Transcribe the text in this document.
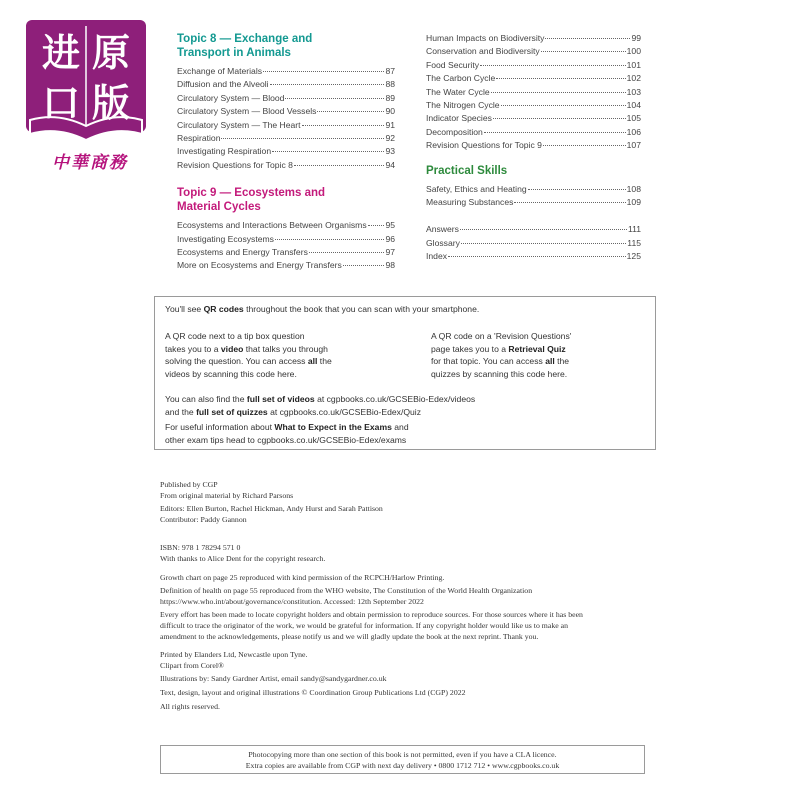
进 原
口 版
中華商務
Topic 8 — Exchange and
Transport in Animals
Exchange of Materials	87
Diffusion and the Alveoli	88
Circulatory System — Blood	89
Circulatory System — Blood Vessels	90
Circulatory System — The Heart	91
Respiration	92
Investigating Respiration	93
Revision Questions for Topic 8	94
Topic 9 — Ecosystems and
Material Cycles
Ecosystems and Interactions Between Organisms 95
Investigating Ecosystems	96
Ecosystems and Energy Transfers	97
More on Ecosystems and Energy Transfers	98
Human Impacts on Biodiversity	99
Conservation and Biodiversity	100
Food Security	101
The Carbon Cycle	102
The Water Cycle	103
The Nitrogen Cycle	104
Indicator Species	105
Decomposition	106
Revision Questions for Topic 9	107
Practical Skills
Safety, Ethics and Heating	108
Measuring Substances	109
Answers	111
Glossary	115
Index	125

You'll see QR codes throughout the book that you can scan with your smartphone.

A QR code next to a tip box question

takes you to a video that talks you through

solving the question. You can access all the

videos by scanning this code here.

A QR code on a 'Revision Questions'

page takes you to a Retrieval Quiz

for that topic. You can access all the

quizzes by scanning this code here.

You can also find the full set of videos at cgpbooks.co.uk/GCSEBio-Edex/videos

and the full set of quizzes at cgpbooks.co.uk/GCSEBio-Edex/Quiz

For useful information about What to Expect in the Exams and

other exam tips head to cgpbooks.co.uk/GCSEBio-Edex/exams

Published by CGP

From original material by Richard Parsons

Editors: Ellen Burton, Rachel Hickman, Andy Hurst and Sarah Pattison

Contributor: Paddy Gannon

ISBN: 978 1 78294 571 0

With thanks to Alice Dent for the copyright research.

Growth chart on page 25 reproduced with kind permission of the RCPCH/Harlow Printing.

Definition of health on page 55 reproduced from the WHO website, The Constitution of the World Health Organization

https://www.who.int/about/governance/constitution. Accessed: 12th September 2022

Every effort has been made to locate copyright holders and obtain permission to reproduce sources. For those sources where it has been

difficult to trace the originator of the work, we would be grateful for information. If any copyright holder would like us to make an

amendment to the acknowledgements, please notify us and we will gladly update the book at the next reprint. Thank you.

Printed by Elanders Ltd, Newcastle upon Tyne.

Clipart from Corel®

Illustrations by: Sandy Gardner Artist, email sandy@sandygardner.co.uk

Text, design, layout and original illustrations © Coordination Group Publications Ltd (CGP) 2022

All rights reserved.

Photocopying more than one section of this book is not permitted, even if you have a CLA licence.

Extra copies are available from CGP with next day delivery • 0800 1712 712 • www.cgpbooks.co.uk
